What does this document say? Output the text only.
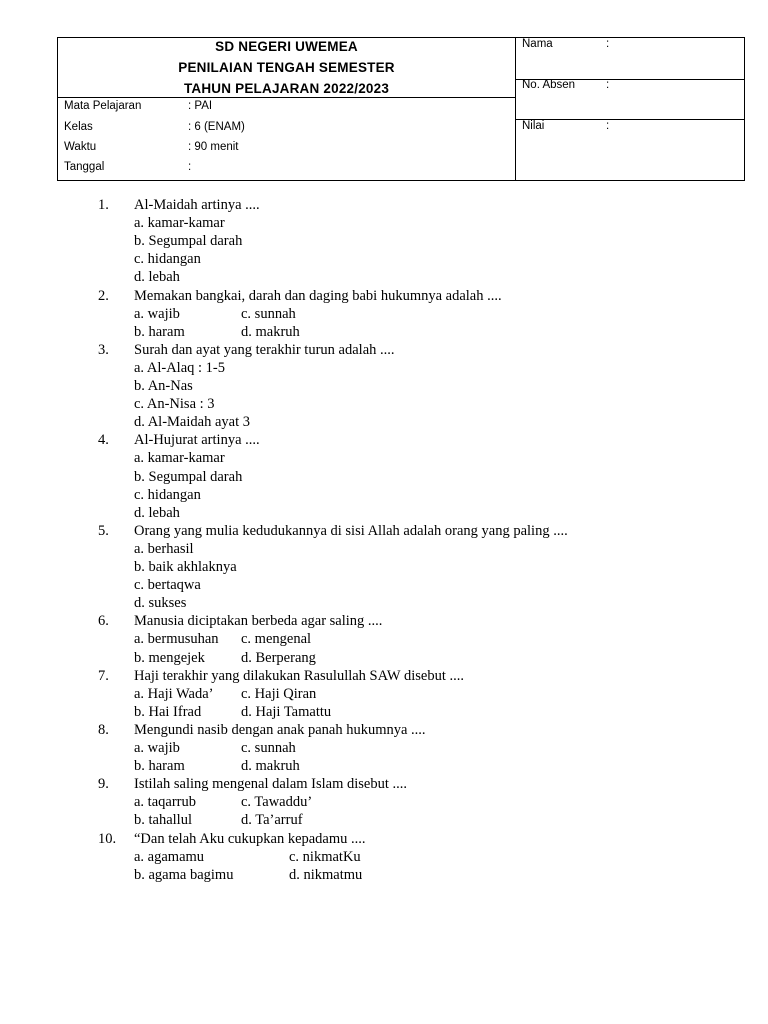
SD NEGERI UWEMEA
PENILAIAN TENGAH SEMESTER
TAHUN PELAJARAN 2022/2023
Mata Pelajaran	: PAI
Kelas	: 6 (ENAM)
Waktu	: 90 menit
Tanggal	:
Nama	:
No. Absen	:
Nilai	:
1. Al-Maidah artinya ....
a. kamar-kamar
b. Segumpal darah
c. hidangan
d. lebah
2. Memakan bangkai, darah dan daging babi hukumnya adalah ....
a. wajib	c. sunnah
b. haram	d. makruh
3. Surah dan ayat yang terakhir turun adalah ....
a. Al-Alaq : 1-5
b. An-Nas
c. An-Nisa : 3
d. Al-Maidah ayat 3
4. Al-Hujurat artinya ....
a. kamar-kamar
b. Segumpal darah
c. hidangan
d. lebah
5. Orang yang mulia kedudukannya di sisi Allah adalah orang yang paling ....
a. berhasil
b. baik akhlaknya
c. bertaqwa
d. sukses
6. Manusia diciptakan berbeda agar saling ....
a. bermusuhan c. mengenal
b. mengejek d. Berperang
7. Haji terakhir yang dilakukan Rasulullah SAW disebut ....
a. Haji Wada’ c. Haji Qiran
b. Hai Ifrad	d. Haji Tamattu
8. Mengundi nasib dengan anak panah hukumnya ....
a. wajib	c. sunnah
b. haram	d. makruh
9. Istilah saling mengenal dalam Islam disebut ....
a. taqarrub	c. Tawaddu’
b. tahallul	d. Ta’arruf
10. “Dan telah Aku cukupkan kepadamu ....
a. agamamu	c. nikmatKu
b. agama bagimu	d. nikmatmu
